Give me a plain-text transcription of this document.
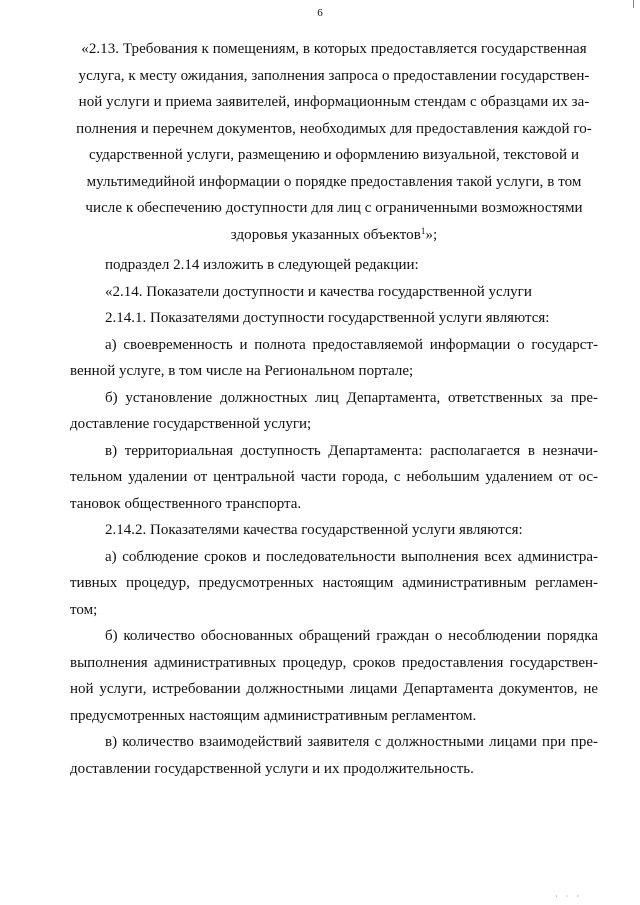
6
«2.13. Требования к помещениям, в которых предоставляется государственная
услуга, к месту ожидания, заполнения запроса о предоставлении государствен-
ной услуги и приема заявителей, информационным стендам с образцами их за-
полнения и перечнем документов, необходимых для предоставления каждой го-
сударственной услуги, размещению и оформлению визуальной, текстовой и
мультимедийной информации о порядке предоставления такой услуги, в том
числе к обеспечению доступности для лиц с ограниченными возможностями
здоровья указанных объектов$^1$»;

подраздел 2.14 изложить в следующей редакции:

«2.14. Показатели доступности и качества государственной услуги

2.14.1. Показателями доступности государственной услуги являются:

а) своевременность и полнота предоставляемой информации о государст-венной услуге, в том числе на Региональном портале;

б) установление должностных лиц Департамента, ответственных за пре-доставление государственной услуги;

в) территориальная доступность Департамента: располагается в незначи-тельном удалении от центральной части города, с небольшим удалением от ос-тановок общественного транспорта.

2.14.2. Показателями качества государственной услуги являются:

а) соблюдение сроков и последовательности выполнения всех администра-тивных процедур, предусмотренных настоящим административным регламен-том;

б) количество обоснованных обращений граждан о несоблюдении порядка выполнения административных процедур, сроков предоставления государствен-ной услуги, истребовании должностными лицами Департамента документов, не предусмотренных настоящим административным регламентом.

в) количество взаимодействий заявителя с должностными лицами при пре-доставлении государственной услуги и их продолжительность.

· · ·
